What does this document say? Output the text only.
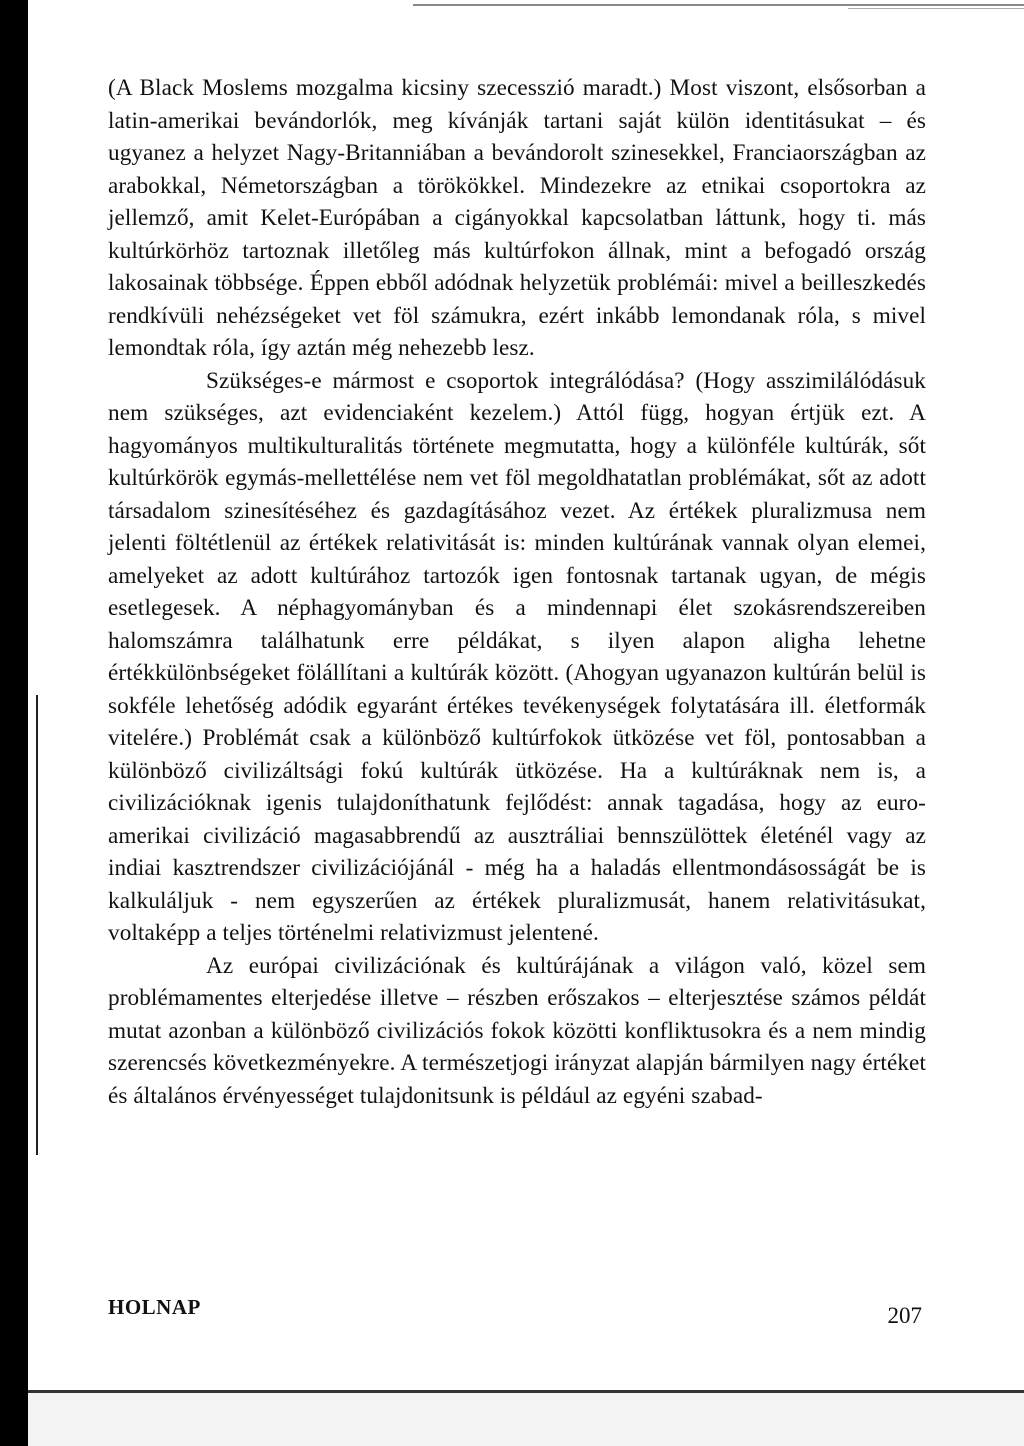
(A Black Moslems mozgalma kicsiny szecesszió maradt.) Most viszont, elsősorban a latin-amerikai bevándorlók, meg kívánják tartani saját külön identitásukat – és ugyanez a helyzet Nagy-Britanniában a bevándorolt szinesekkel, Franciaországban az arabokkal, Németországban a törökökkel. Mindezekre az etnikai csoportokra az jellemző, amit Kelet-Európában a cigányokkal kapcsolatban láttunk, hogy ti. más kultúrkörhöz tartoznak illetőleg más kultúrfokon állnak, mint a befogadó ország lakosainak többsége. Éppen ebből adódnak helyzetük problémái: mivel a beilleszkedés rendkívüli nehézségeket vet föl számukra, ezért inkább lemondanak róla, s mivel lemondtak róla, így aztán még nehezebb lesz.

Szükséges-e mármost e csoportok integrálódása? (Hogy asszimilálódásuk nem szükséges, azt evidenciaként kezelem.) Attól függ, hogyan értjük ezt. A hagyományos multikulturalitás története megmutatta, hogy a különféle kultúrák, sőt kultúrkörök egymás-mellettélése nem vet föl megoldhatatlan problémákat, sőt az adott társadalom szinesítéséhez és gazdagításához vezet. Az értékek pluralizmusa nem jelenti föltétlenül az értékek relativitását is: minden kultúrának vannak olyan elemei, amelyeket az adott kultúrához tartozók igen fontosnak tartanak ugyan, de mégis esetlegesek. A néphagyományban és a mindennapi élet szokásrendszereiben halomszámra találhatunk erre példákat, s ilyen alapon aligha lehetne értékkülönbségeket fölállítani a kultúrák között. (Ahogyan ugyanazon kultúrán belül is sokféle lehetőség adódik egyaránt értékes tevékenységek folytatására ill. életformák vitelére.) Problémát csak a különböző kultúrfokok ütközése vet föl, pontosabban a különböző civilizáltsági fokú kultúrák ütközése. Ha a kultúráknak nem is, a civilizációknak igenis tulajdoníthatunk fejlődést: annak tagadása, hogy az euro-amerikai civilizáció magasabbrendű az ausztráliai bennszülöttek életénél vagy az indiai kasztrendszer civilizációjánál - még ha a haladás ellentmondásosságát be is kalkuláljuk - nem egyszerűen az értékek pluralizmusát, hanem relativitásukat, voltaképp a teljes történelmi relativizmust jelentené.

Az európai civilizációnak és kultúrájának a világon való, közel sem problémamentes elterjedése illetve – részben erőszakos – elterjesztése számos példát mutat azonban a különböző civilizációs fokok közötti konfliktusokra és a nem mindig szerencsés következményekre. A természetjogi irányzat alapján bármilyen nagy értéket és általános érvényességet tulajdonitsunk is például az egyéni szabad-

HOLNAP	207
